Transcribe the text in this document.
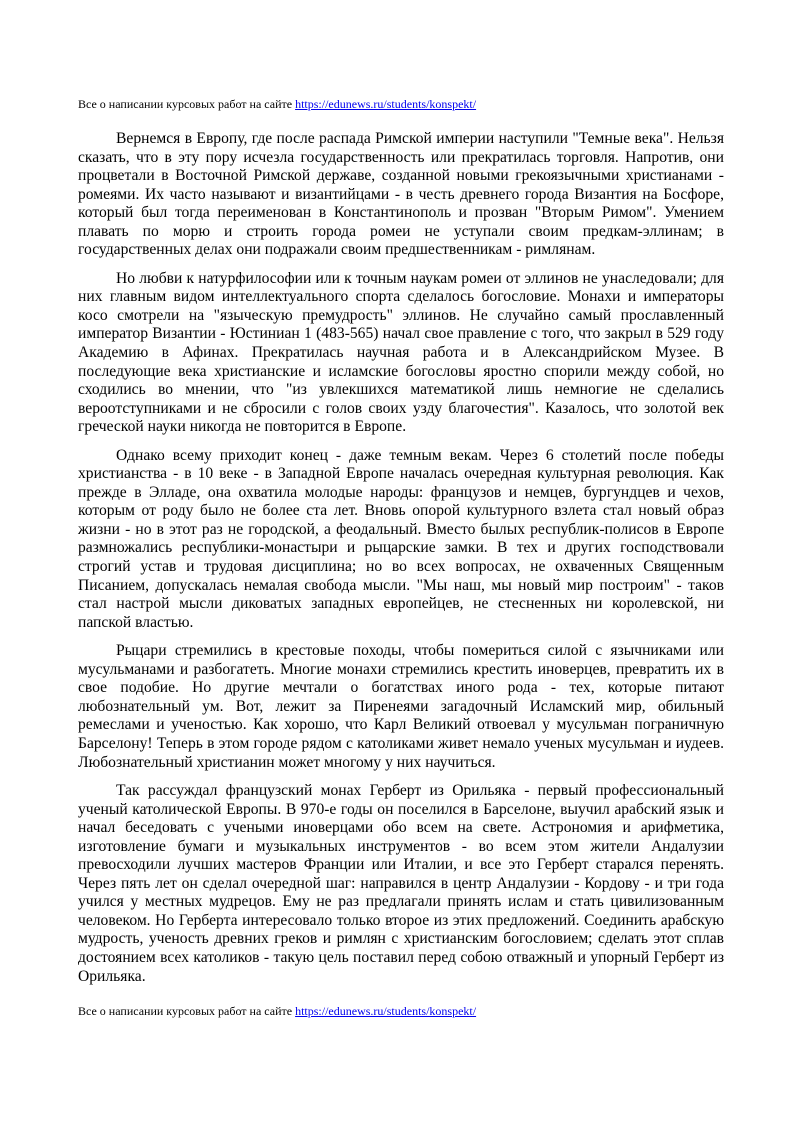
Все о написании курсовых работ на сайте https://edunews.ru/students/konspekt/

Вернемся в Европу, где после распада Римской империи наступили "Темные века". Нельзя сказать, что в эту пору исчезла государственность или прекратилась торговля. Напротив, они процветали в Восточной Римской державе, созданной новыми грекоязычными христианами - ромеями. Их часто называют и византийцами - в честь древнего города Византия на Босфоре, который был тогда переименован в Константинополь и прозван "Вторым Римом". Умением плавать по морю и строить города ромеи не уступали своим предкам-эллинам; в государственных делах они подражали своим предшественникам - римлянам.

Но любви к натурфилософии или к точным наукам ромеи от эллинов не унаследовали; для них главным видом интеллектуального спорта сделалось богословие. Монахи и императоры косо смотрели на "языческую премудрость" эллинов. Не случайно самый прославленный император Византии - Юстиниан 1 (483-565) начал свое правление с того, что закрыл в 529 году Академию в Афинах. Прекратилась научная работа и в Александрийском Музее. В последующие века христианские и исламские богословы яростно спорили между собой, но сходились во мнении, что "из увлекшихся математикой лишь немногие не сделались вероотступниками и не сбросили с голов своих узду благочестия". Казалось, что золотой век греческой науки никогда не повторится в Европе.

Однако всему приходит конец - даже темным векам. Через 6 столетий после победы христианства - в 10 веке - в Западной Европе началась очередная культурная революция. Как прежде в Элладе, она охватила молодые народы: французов и немцев, бургундцев и чехов, которым от роду было не более ста лет. Вновь опорой культурного взлета стал новый образ жизни - но в этот раз не городской, а феодальный. Вместо былых республик-полисов в Европе размножались республики-монастыри и рыцарские замки. В тех и других господствовали строгий устав и трудовая дисциплина; но во всех вопросах, не охваченных Священным Писанием, допускалась немалая свобода мысли. "Мы наш, мы новый мир построим" - таков стал настрой мысли диковатых западных европейцев, не стесненных ни королевской, ни папской властью.

Рыцари стремились в крестовые походы, чтобы помериться силой с язычниками или мусульманами и разбогатеть. Многие монахи стремились крестить иноверцев, превратить их в свое подобие. Но другие мечтали о богатствах иного рода - тех, которые питают любознательный ум. Вот, лежит за Пиренеями загадочный Исламский мир, обильный ремеслами и ученостью. Как хорошо, что Карл Великий отвоевал у мусульман пограничную Барселону! Теперь в этом городе рядом с католиками живет немало ученых мусульман и иудеев. Любознательный христианин может многому у них научиться.

Так рассуждал французский монах Герберт из Орильяка - первый профессиональный ученый католической Европы. В 970-е годы он поселился в Барселоне, выучил арабский язык и начал беседовать с учеными иноверцами обо всем на свете. Астрономия и арифметика, изготовление бумаги и музыкальных инструментов - во всем этом жители Андалузии превосходили лучших мастеров Франции или Италии, и все это Герберт старался перенять. Через пять лет он сделал очередной шаг: направился в центр Андалузии - Кордову - и три года учился у местных мудрецов. Ему не раз предлагали принять ислам и стать цивилизованным человеком. Но Герберта интересовало только второе из этих предложений. Соединить арабскую мудрость, ученость древних греков и римлян с христианским богословием; сделать этот сплав достоянием всех католиков - такую цель поставил перед собою отважный и упорный Герберт из Орильяка.

Все о написании курсовых работ на сайте https://edunews.ru/students/konspekt/
